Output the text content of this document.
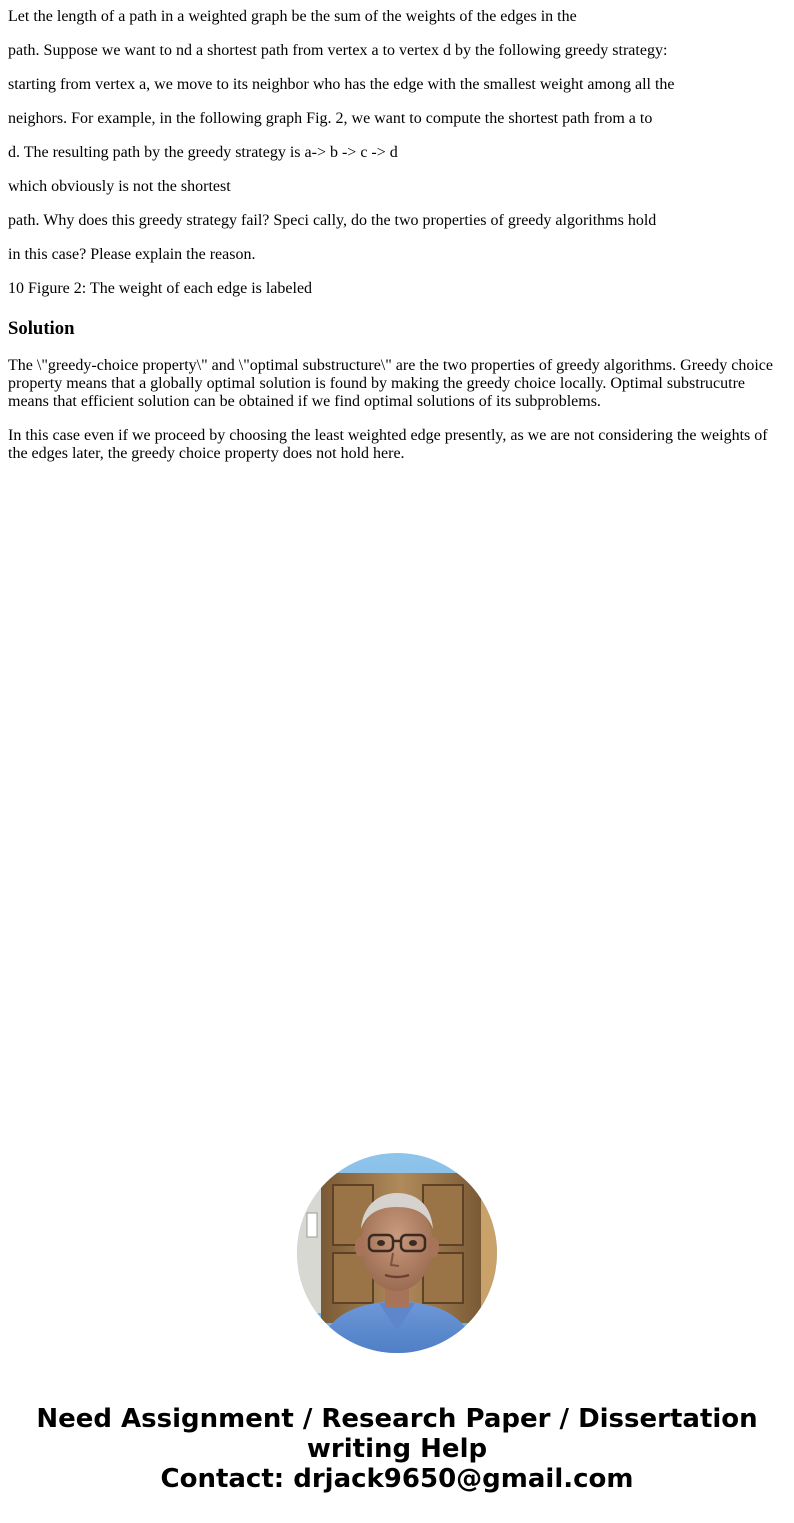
Let the length of a path in a weighted graph be the sum of the weights of the edges in the

path. Suppose we want to nd a shortest path from vertex a to vertex d by the following greedy strategy:

starting from vertex a, we move to its neighbor who has the edge with the smallest weight among all the

neighors. For example, in the following graph Fig. 2, we want to compute the shortest path from a to

d. The resulting path by the greedy strategy is a-> b -> c -> d

which obviously is not the shortest

path. Why does this greedy strategy fail? Speci cally, do the two properties of greedy algorithms hold

in this case? Please explain the reason.

10 Figure 2: The weight of each edge is labeled

Solution

The \"greedy-choice property\" and \"optimal substructure\" are the two properties of greedy algorithms. Greedy choice property means that a globally optimal solution is found by making the greedy choice locally. Optimal substrucutre means that efficient solution can be obtained if we find optimal solutions of its subproblems.

In this case even if we proceed by choosing the least weighted edge presently, as we are not considering the weights of the edges later, the greedy choice property does not hold here.

Need Assignment / Research Paper / Dissertation
writing Help
Contact: drjack9650@gmail.com
